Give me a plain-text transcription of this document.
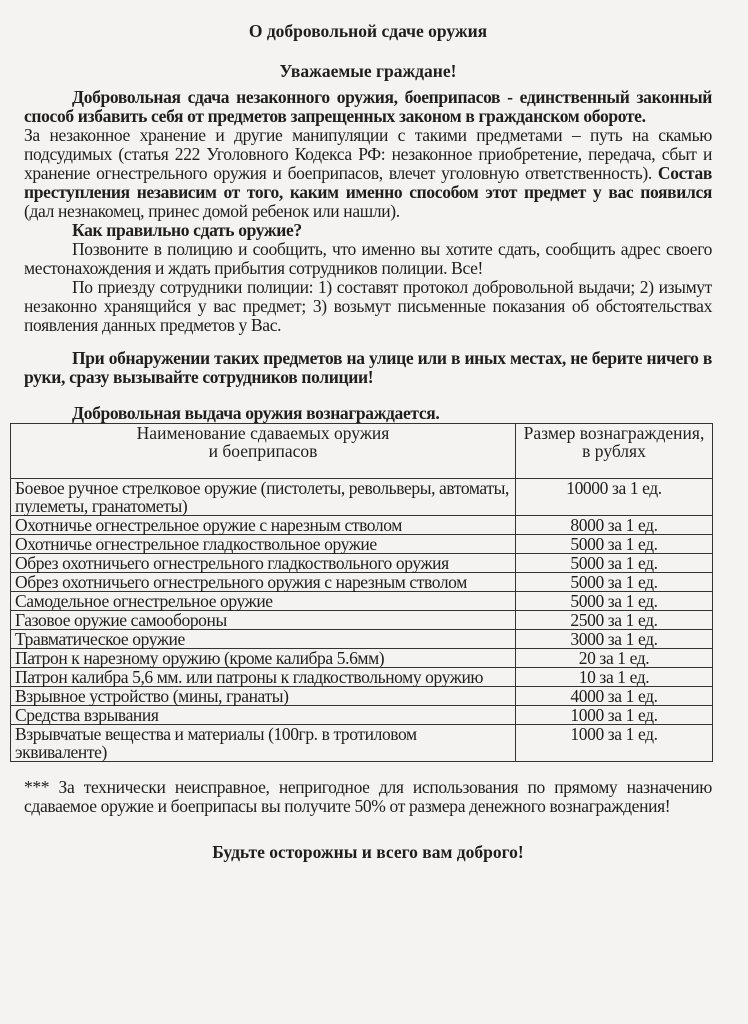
О добровольной сдаче оружия
Уважаемые граждане!

Добровольная сдача незаконного оружия, боеприпасов - единственный законный способ избавить себя от предметов запрещенных законом в гражданском обороте.

За незаконное хранение и другие манипуляции с такими предметами – путь на скамью подсудимых (статья 222 Уголовного Кодекса РФ: незаконное приобретение, передача, сбыт и хранение огнестрельного оружия и боеприпасов, влечет уголовную ответственность). Состав преступления независим от того, каким именно способом этот предмет у вас появился (дал незнакомец, принес домой ребенок или нашли).

Как правильно сдать оружие?

Позвоните в полицию и сообщить, что именно вы хотите сдать, сообщить адрес своего местонахождения и ждать прибытия сотрудников полиции. Все!

По приезду сотрудники полиции: 1) составят протокол добровольной выдачи; 2) изымут незаконно хранящийся у вас предмет; 3) возьмут письменные показания об обстоятельствах появления данных предметов у Вас.

При обнаружении таких предметов на улице или в иных местах, не берите ничего в руки, сразу вызывайте сотрудников полиции!

Добровольная выдача оружия вознаграждается.

Наименование сдаваемых оружия и боеприпасов	Размер вознаграждения, в рублях
Боевое ручное стрелковое оружие (пистолеты, револьверы, автоматы, пулеметы, гранатометы)	10000 за 1 ед.
Охотничье огнестрельное оружие с нарезным стволом	8000 за 1 ед.
Охотничье огнестрельное гладкоствольное оружие	5000 за 1 ед.
Обрез охотничьего огнестрельного гладкоствольного оружия	5000 за 1 ед.
Обрез охотничьего огнестрельного оружия с нарезным стволом	5000 за 1 ед.
Самодельное огнестрельное оружие	5000 за 1 ед.
Газовое оружие самообороны	2500 за 1 ед.
Травматическое оружие	3000 за 1 ед.
Патрон к нарезному оружию (кроме калибра 5.6мм)	20 за 1 ед.
Патрон калибра 5,6 мм. или патроны к гладкоствольному оружию	10 за 1 ед.
Взрывное устройство (мины, гранаты)	4000 за 1 ед.
Средства взрывания	1000 за 1 ед.
Взрывчатые вещества и материалы (100гр. в тротиловом эквиваленте)	1000 за 1 ед.

*** За технически неисправное, непригодное для использования по прямому назначению сдаваемое оружие и боеприпасы вы получите 50% от размера денежного вознаграждения!

Будьте осторожны и всего вам доброго!
